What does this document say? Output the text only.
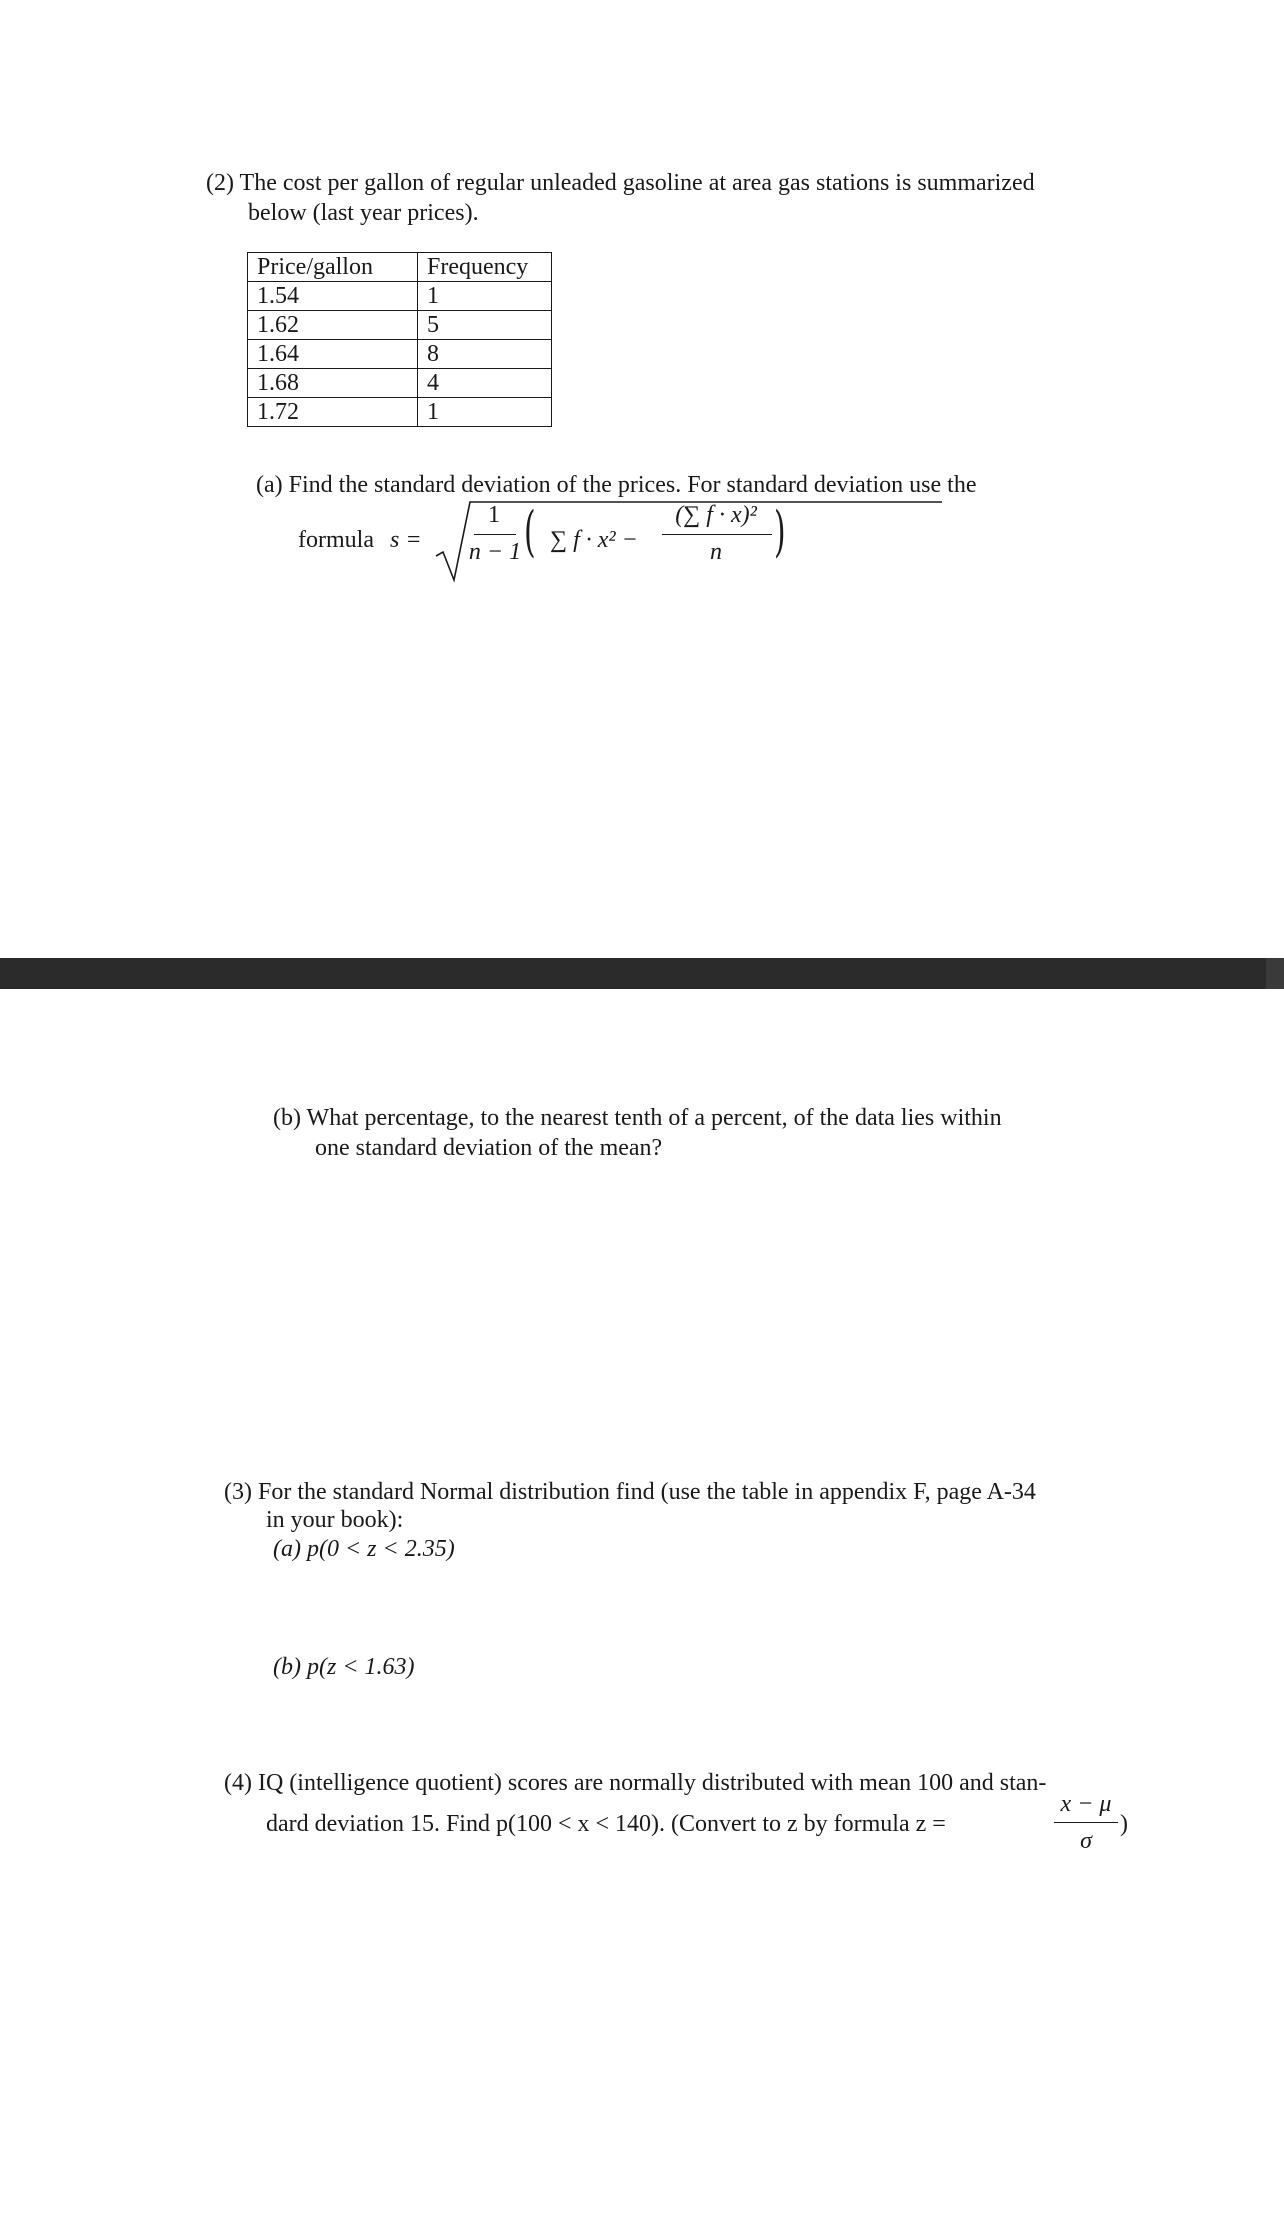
(2) The cost per gallon of regular unleaded gasoline at area gas stations is summarized
below (last year prices).
Price/gallon	Frequency
1.54	1
1.62	5
1.64	8
1.68	4
1.72	1
(a) Find the standard deviation of the prices. For standard deviation use the
formula s =
1
n − 1 ( ∑ f · x² −
(∑ f · x)²
n )
(b) What percentage, to the nearest tenth of a percent, of the data lies within
one standard deviation of the mean?
(3) For the standard Normal distribution find (use the table in appendix F, page A-34
in your book):
(a) p(0 < z < 2.35)
(b) p(z < 1.63)
(4) IQ (intelligence quotient) scores are normally distributed with mean 100 and stan-
dard deviation 15. Find p(100 < x < 140). (Convert to z by formula z =
x − μ
σ
)
